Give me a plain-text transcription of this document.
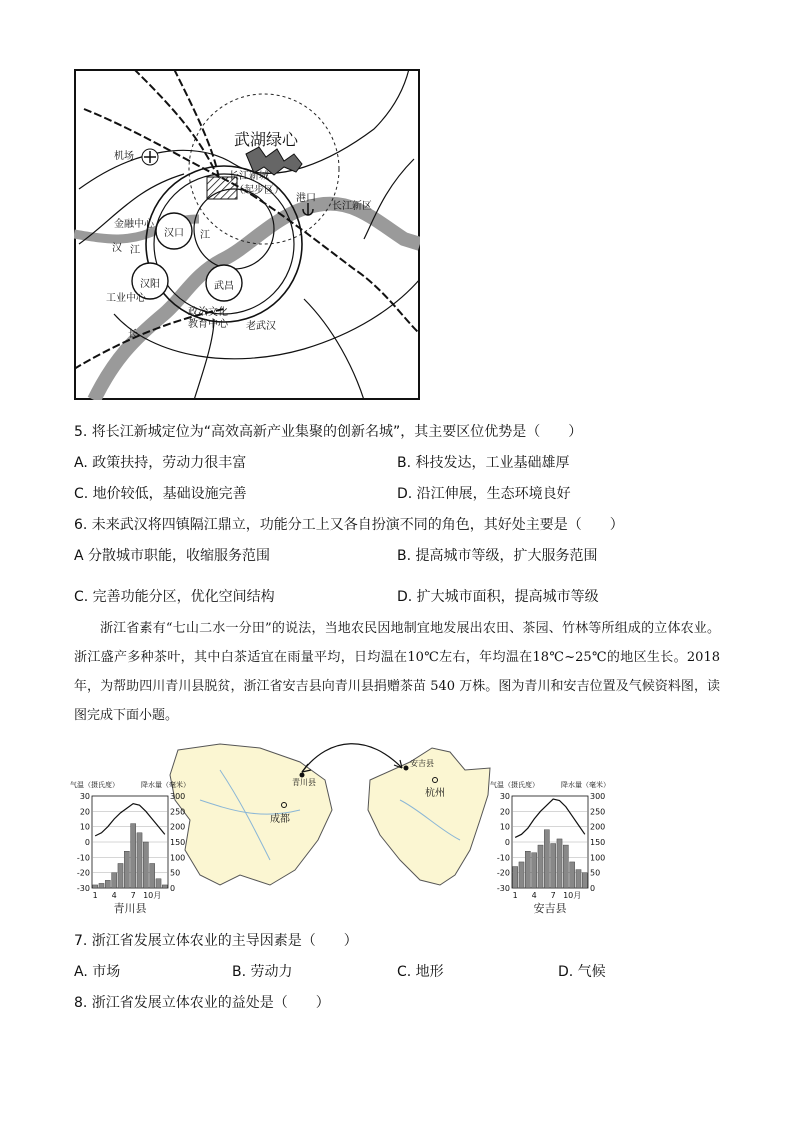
武湖绿心
机场
长江新城
（起步区）
港口
长江新区
金融中心
汉口 江
汉 江
汉阳
工业中心
武昌
政治文化
教育中心 老武汉
长
5. 将长江新城定位为“高效高新产业集聚的创新名城”，其主要区位优势是（　　）
A. 政策扶持，劳动力很丰富	B. 科技发达，工业基础雄厚
C. 地价较低，基础设施完善	D. 沿江伸展，生态环境良好
6. 未来武汉将四镇隔江鼎立，功能分工上又各自扮演不同的角色，其好处主要是（　　）
A 分散城市职能，收缩服务范围	B. 提高城市等级，扩大服务范围
C. 完善功能分区，优化空间结构	D. 扩大城市面积，提高城市等级
浙江省素有“七山二水一分田”的说法，当地农民因地制宜地发展出农田、茶园、竹林等所组成的立体农业。浙江盛产多种茶叶，其中白茶适宜在雨量平均，日均温在10℃左右，年均温在18℃~25℃的地区生长。2018 年，为帮助四川青川县脱贫，浙江省安吉县向青川县捐赠茶苗 540 万株。图为青川和安吉位置及气候资料图，读图完成下面小题。
青川县
成都
安吉县
杭州
气温（摄氏度）	降水量（毫米）
30
20
10
0
-10
-20
-30
300
250
200
150
100
50
0
1 4 7 10月
青川县
气温（摄氏度）	降水量（毫米）
30
20
10
0
-10
-20
-30
300
250
200
150
100
50
0
1 4 7 10月
安吉县
7. 浙江省发展立体农业的主导因素是（　　）
A. 市场	B. 劳动力	C. 地形	D. 气候
8. 浙江省发展立体农业的益处是（　　）
